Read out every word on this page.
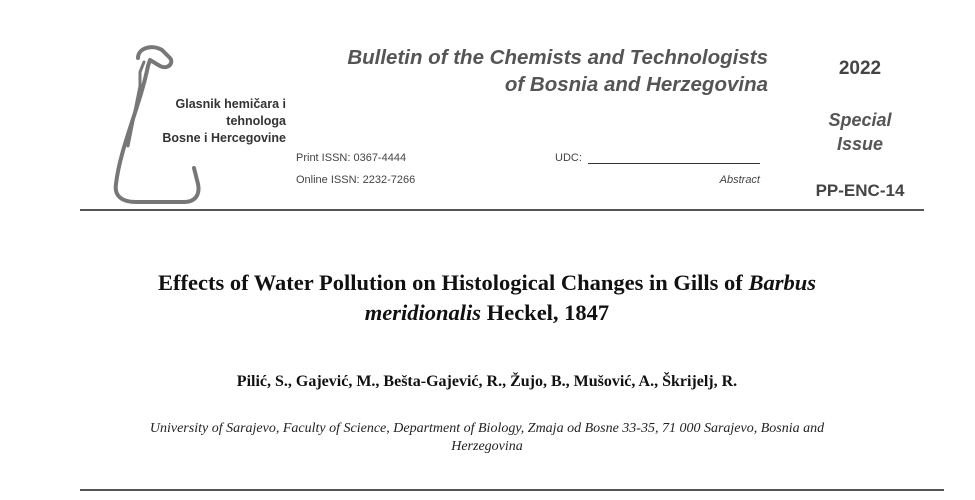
Glasnik hemičara i
tehnologa
Bosne i Hercegovine
Bulletin of the Chemists and Technologists
of Bosnia and Herzegovina
2022
Special
Issue
PP-ENC-14
Print ISSN: 0367-4444
Online ISSN: 2232-7266
UDC:
Abstract
Effects of Water Pollution on Histological Changes in Gills of Barbus
meridionalis Heckel, 1847
Pilić, S., Gajević, M., Bešta-Gajević, R., Žujo, B., Mušović, A., Škrijelj, R.
University of Sarajevo, Faculty of Science, Department of Biology, Zmaja od Bosne 33-35, 71 000 Sarajevo, Bosnia and
Herzegovina
